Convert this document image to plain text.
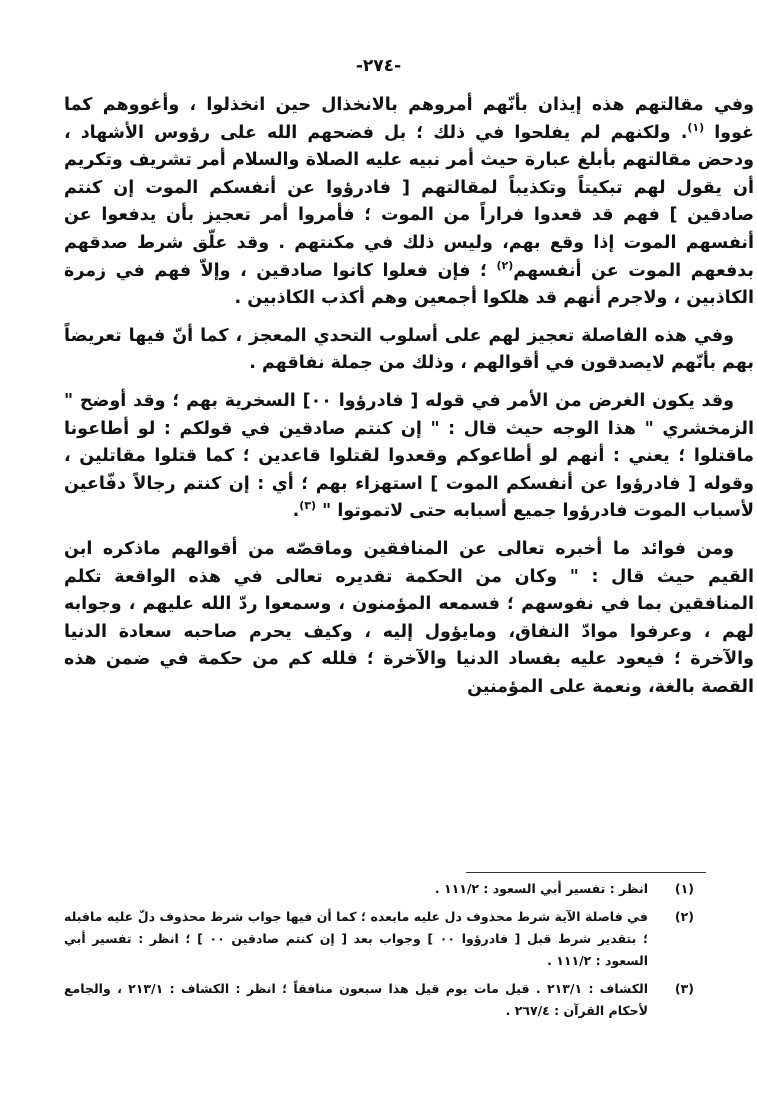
-٢٧٤-

وفي مقالتهم هذه إيذان بأنّهم أمروهم بالانخذال حين انخذلوا ، وأغووهم كما غووا $^{(١)}$. ولكنهم لم يفلحوا في ذلك ؛ بل فضحهم الله على رؤوس الأشهاد ، ودحض مقالتهم بأبلغ عبارة حيث أمر نبيه عليه الصلاة والسلام أمر تشريف وتكريم أن يقول لهم تبكيتاً وتكذيباً لمقالتهم [ فادرؤوا عن أنفسكم الموت إن كنتم صادقين ] فهم قد قعدوا فراراً من الموت ؛ فأمروا أمر تعجيز بأن يدفعوا عن أنفسهم الموت إذا وقع بهم، وليس ذلك في مكنتهم . وقد علّق شرط صدقهم بدفعهم الموت عن أنفسهم$^{(٢)}$ ؛ فإن فعلوا كانوا صادقين ، وإلاّ فهم في زمرة الكاذبين ، ولاجرم أنهم قد هلكوا أجمعين وهم أكذب الكاذبين .

وفي هذه الفاصلة تعجيز لهم على أسلوب التحدي المعجز ، كما أنّ فيها تعريضاً بهم بأنّهم لايصدقون في أقوالهم ، وذلك من جملة نفاقهم .

وقد يكون الغرض من الأمر في قوله [ فادرؤوا ٠٠] السخرية بهم ؛ وقد أوضح " الزمخشري " هذا الوجه حيث قال : " إن كنتم صادقين في قولكم : لو أطاعونا ماقتلوا ؛ يعني : أنهم لو أطاعوكم وقعدوا لقتلوا قاعدين ؛ كما قتلوا مقاتلين ، وقوله [ فادرؤوا عن أنفسكم الموت ] استهزاء بهم ؛ أي : إن كنتم رجالاً دفّاعين لأسباب الموت فادرؤوا جميع أسبابه حتى لاتموتوا " $^{(٣)}$.

ومن فوائد ما أخبره تعالى عن المنافقين وماقصّه من أقوالهم ماذكره ابن القيم حيث قال : " وكان من الحكمة تقديره تعالى في هذه الواقعة تكلم المنافقين بما في نفوسهم ؛ فسمعه المؤمنون ، وسمعوا ردّ الله عليهم ، وجوابه لهم ، وعرفوا موادّ النفاق، ومايؤول إليه ، وكيف يحرم صاحبه سعادة الدنيا والآخرة ؛ فيعود عليه بفساد الدنيا والآخرة ؛ فلله كم من حكمة في ضمن هذه القصة بالغة، ونعمة على المؤمنين

(١)
انظر : تفسير أبي السعود : ١١١/٢ .
(٢)
في فاصلة الآية شرط محذوف دل عليه مابعده ؛ كما أن فيها جواب شرط محذوف دلّ عليه ماقبله ؛ بتقدير شرط قبل [ فادرؤوا ٠٠ ] وجواب بعد [ إن كنتم صادقين ٠٠ ] ؛ انظر : تفسير أبي السعود : ١١١/٢ .
(٣)
الكشاف : ٢١٣/١ . قيل مات يوم قيل هذا سبعون منافقاً ؛ انظر : الكشاف : ٢١٣/١ ، والجامع لأحكام القرآن : ٢٦٧/٤ .
